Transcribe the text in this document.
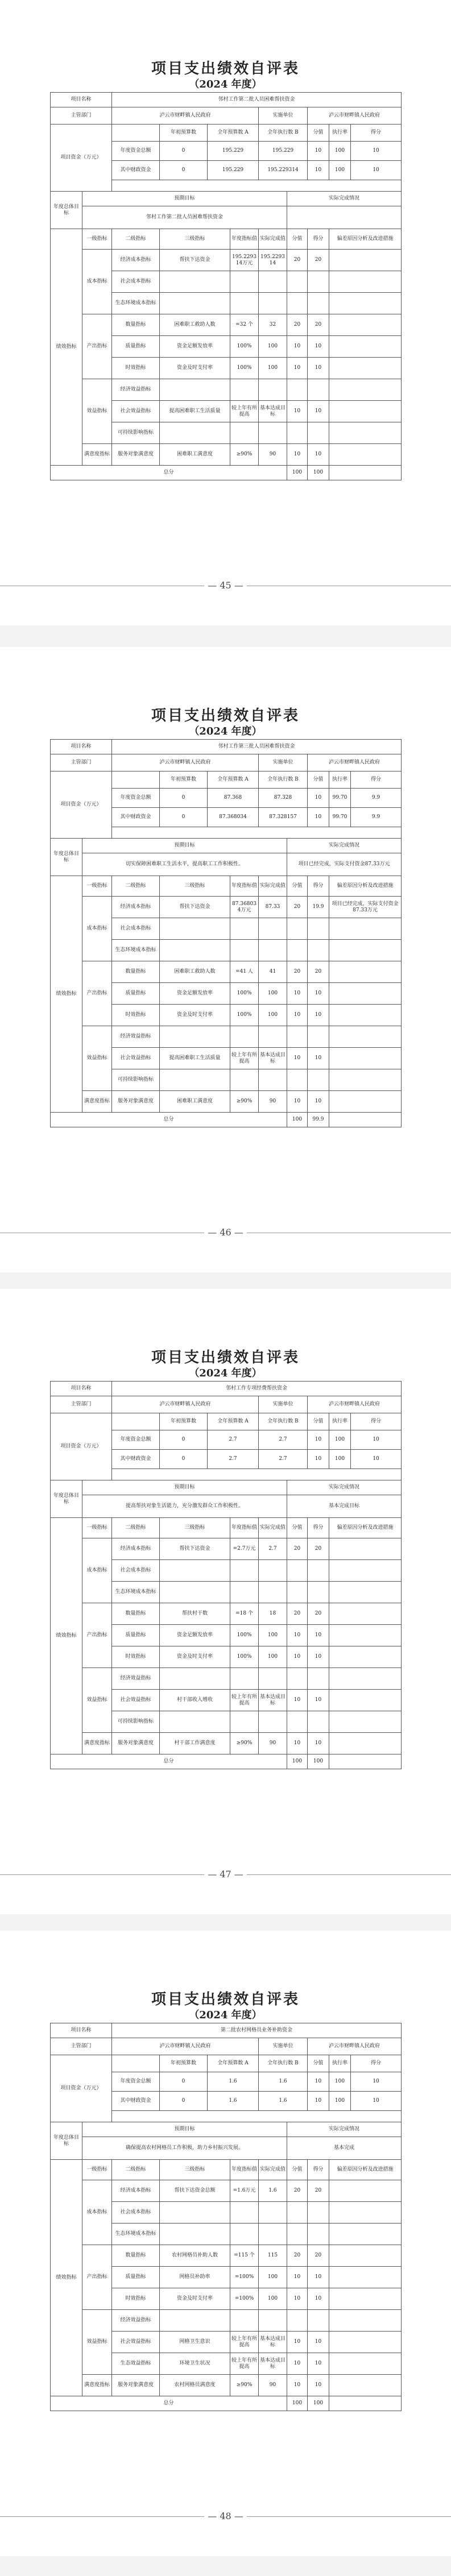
项目支出绩效自评表
（2024 年度）
项目名称		邻村工作第二批人员困难帮扶资金								
主管部门		泸云市财畔镇人民政府				实施单位		泸云市财畔镇人民政府		
项目资金（万元）			年初预算数	全年预算数 A		全年执行数 B		分值	执行率	得分
		年度资金总额	0	195.229		195.229		10	100	10
		其中财政资金	0	195.229		195.229314		10	100	10

年度总体目标	预期目标						实际完成情况			
	邻村工作第二批人员困难帮扶资金									
绩效指标	一级指标	二级指标	三级指标		年度指标值	实际完成值	分值	得分	偏差原因分析及改进措施	
	成本指标	经济成本指标	帮扶下达资金		195.229314万元	195.229314	20	20		
		社会成本指标								
		生态环境成本指标								
	产出指标	数量指标	困难职工救助人数		=32 个	32	20	20		
		质量指标	资金足额发放率		100%	100	10	10		
		时效指标	资金及时支付率		100%	100	10	10		
	效益指标	经济效益指标								
		社会效益指标	提高困难职工生活质量		较上年有所提高	基本达成目标	10	10		
		可持续影响指标								
	满意度指标	服务对象满意度	困难职工满意度		≥90%	90	10	10		
总分							100	100		
— 45 —
项目支出绩效自评表
（2024 年度）
项目名称		邻村工作第三批人员困难帮扶资金								
主管部门		泸云市财畔镇人民政府				实施单位		泸云市财畔镇人民政府		
项目资金（万元）			年初预算数	全年预算数 A		全年执行数 B		分值	执行率	得分
		年度资金总额	0	87.368		87.328		10	99.70	9.9
		其中财政资金	0	87.368034		87.328157		10	99.70	9.9

年度总体目标	预期目标						实际完成情况			
	切实保障困难职工生活水平，提高职工工作积极性。						项目已经完成，实际支付资金87.33万元			
绩效指标	一级指标	二级指标	三级指标		年度指标值	实际完成值	分值	得分	偏差原因分析及改进措施	
	成本指标	经济成本指标	帮扶下达资金		87.368034万元	87.33	20	19.9	项目已经完成，实际支付资金87.33万元	
		社会成本指标								
		生态环境成本指标								
	产出指标	数量指标	困难职工救助人数		=41 人	41	20	20		
		质量指标	资金足额发放率		100%	100	10	10		
		时效指标	资金及时支付率		100%	100	10	10		
	效益指标	经济效益指标								
		社会效益指标	提高困难职工生活质量		较上年有所提高	基本达成目标	10	10		
		可持续影响指标								
	满意度指标	服务对象满意度	困难职工满意度		≥90%	90	10	10		
总分							100	99.9		
— 46 —
项目支出绩效自评表
（2024 年度）
项目名称		邻村工作专项经费帮扶资金								
主管部门		泸云市财畔镇人民政府				实施单位		泸云市财畔镇人民政府		
项目资金（万元）			年初预算数	全年预算数 A		全年执行数 B		分值	执行率	得分
		年度资金总额	0	2.7		2.7		10	100	10
		其中财政资金	0	2.7		2.7		10	100	10

年度总体目标	预期目标						实际完成情况			
	提高帮扶对象生活能力，充分激发群众工作积极性。						基本完成目标			
绩效指标	一级指标	二级指标	三级指标		年度指标值	实际完成值	分值	得分	偏差原因分析及改进措施	
	成本指标	经济成本指标	帮扶下达资金		=2.7万元	2.7	20	20		
		社会成本指标								
		生态环境成本指标								
	产出指标	数量指标	帮扶村干数		=18 个	18	20	20		
		质量指标	资金足额发放率		100%	100	10	10		
		时效指标	资金及时支付率		100%	100	10	10		
	效益指标	经济效益指标								
		社会效益指标	村干部收入增收		较上年有所提高	基本达成目标	10	10		
		可持续影响指标								
	满意度指标	服务对象满意度	村干部工作满意度		≥90%	90	10	10		
总分							100	100		
— 47 —
项目支出绩效自评表
（2024 年度）
项目名称		第二批农村网格员业务补助资金								
主管部门		泸云市财畔镇人民政府				实施单位		泸云市财畔镇人民政府		
项目资金（万元）			年初预算数	全年预算数 A		全年执行数 B		分值	执行率	得分
		年度资金总额	0	1.6		1.6		10	100	10
		其中财政资金	0	1.6		1.6		10	100	10

年度总体目标	预期目标						实际完成情况			
	确保提高农村网格员工作积极，助力乡村振兴发展。						基本完成			
绩效指标	一级指标	二级指标	三级指标		年度指标值	实际完成值	分值	得分	偏差原因分析及改进措施	
	成本指标	经济成本指标	帮扶下达资金总额		=1.6万元	1.6	20	20		
		社会成本指标								
		生态环境成本指标								
	产出指标	数量指标	农村网格员补助人数		=115 个	115	20	20		
		质量指标	网格员补助率		=100%	100	10	10		
		时效指标	资金及时支付率		=100%	100	10	10		
	效益指标	经济效益指标								
		社会效益指标	网格卫生意识		较上年有所提高	基本达成目标	10	10		
		生态效益指标	环境卫生状况		较上年有所提高	基本达成目标	10	10		
	满意度指标	服务对象满意度	农村网格员满意度		≥90%	90	10	10		
总分							100	100		
— 48 —
